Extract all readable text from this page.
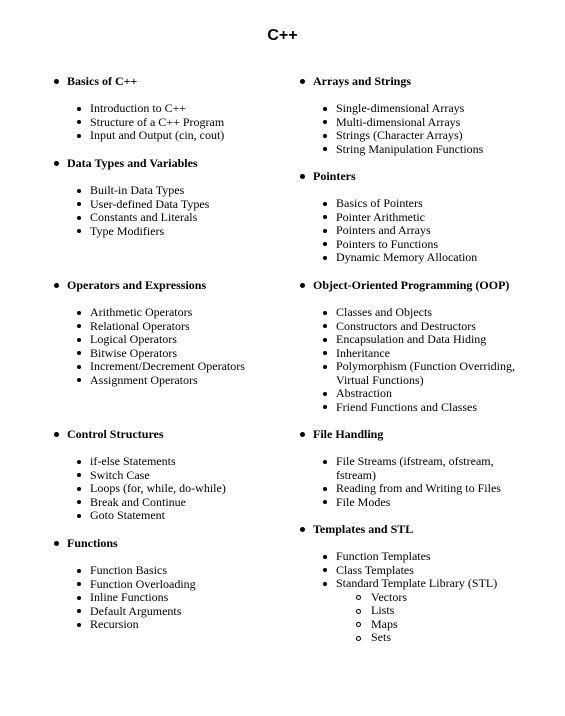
C++
Basics of C++
Introduction to C++
Structure of a C++ Program
Input and Output (cin, cout)
Data Types and Variables
Built-in Data Types
User-defined Data Types
Constants and Literals
Type Modifiers
Operators and Expressions
Arithmetic Operators
Relational Operators
Logical Operators
Bitwise Operators
Increment/Decrement Operators
Assignment Operators
Control Structures
if-else Statements
Switch Case
Loops (for, while, do-while)
Break and Continue
Goto Statement
Functions
Function Basics
Function Overloading
Inline Functions
Default Arguments
Recursion
Arrays and Strings
Single-dimensional Arrays
Multi-dimensional Arrays
Strings (Character Arrays)
String Manipulation Functions
Pointers
Basics of Pointers
Pointer Arithmetic
Pointers and Arrays
Pointers to Functions
Dynamic Memory Allocation
Object-Oriented Programming (OOP)
Classes and Objects
Constructors and Destructors
Encapsulation and Data Hiding
Inheritance
Polymorphism (Function Overriding, Virtual Functions)
Abstraction
Friend Functions and Classes
File Handling
File Streams (ifstream, ofstream, fstream)
Reading from and Writing to Files
File Modes
Templates and STL
Function Templates
Class Templates
Standard Template Library (STL)
Vectors
Lists
Maps
Sets
